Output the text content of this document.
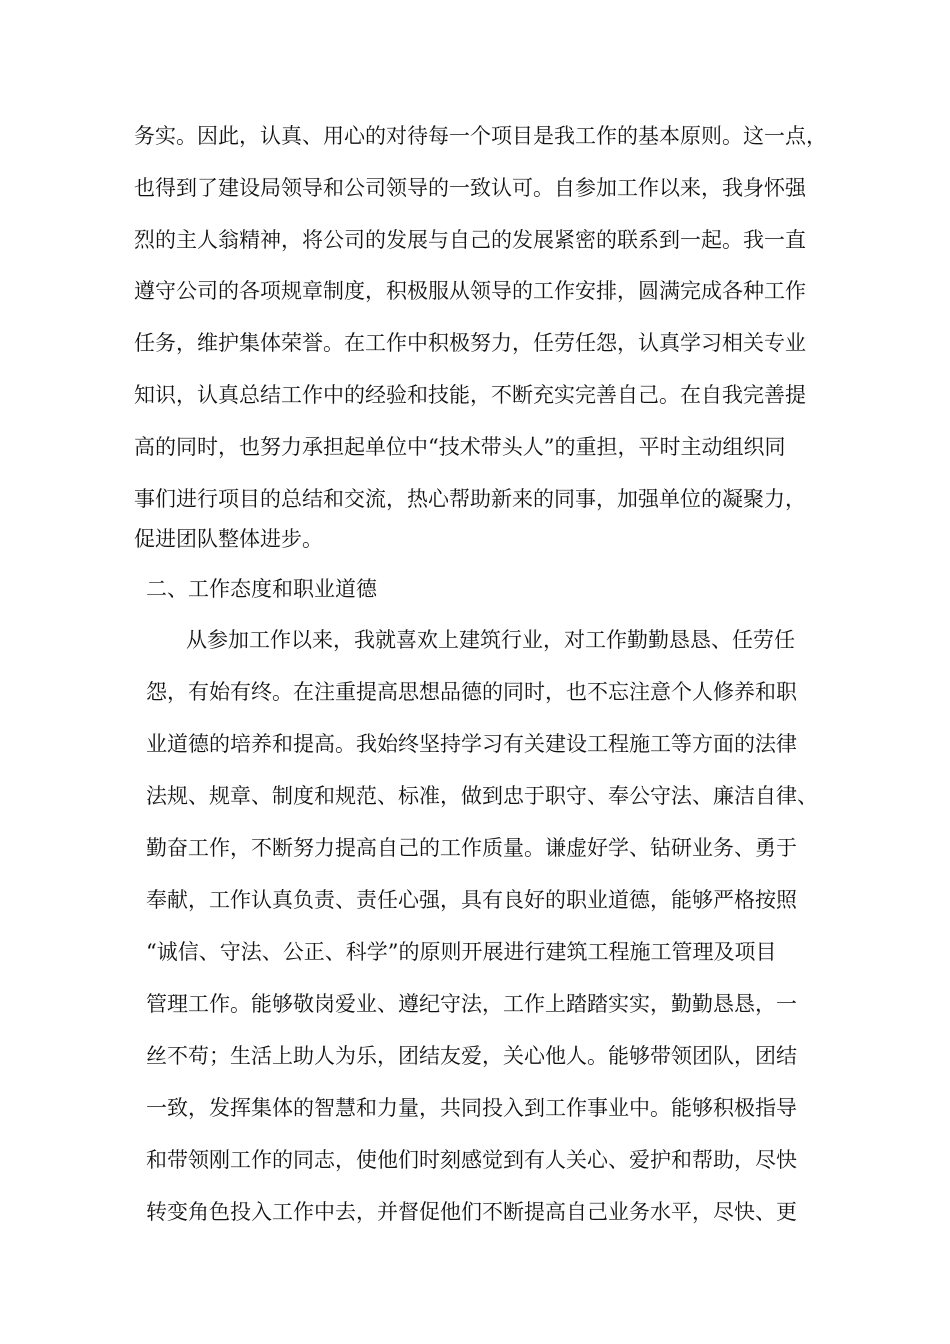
务实。因此，认真、用心的对待每一个项目是我工作的基本原则。这一点，
也得到了建设局领导和公司领导的一致认可。自参加工作以来，我身怀强
烈的主人翁精神，将公司的发展与自己的发展紧密的联系到一起。我一直
遵守公司的各项规章制度，积极服从领导的工作安排，圆满完成各种工作
任务，维护集体荣誉。在工作中积极努力，任劳任怨，认真学习相关专业
知识，认真总结工作中的经验和技能，不断充实完善自己。在自我完善提
高的同时，也努力承担起单位中“技术带头人”的重担，平时主动组织同
事们进行项目的总结和交流，热心帮助新来的同事，加强单位的凝聚力，
促进团队整体进步。
二、工作态度和职业道德
从参加工作以来，我就喜欢上建筑行业，对工作勤勤恳恳、任劳任
怨，有始有终。在注重提高思想品德的同时，也不忘注意个人修养和职
业道德的培养和提高。我始终坚持学习有关建设工程施工等方面的法律
法规、规章、制度和规范、标准，做到忠于职守、奉公守法、廉洁自律、
勤奋工作，不断努力提高自己的工作质量。谦虚好学、钻研业务、勇于
奉献，工作认真负责、责任心强，具有良好的职业道德，能够严格按照
“诚信、守法、公正、科学”的原则开展进行建筑工程施工管理及项目
管理工作。能够敬岗爱业、遵纪守法，工作上踏踏实实，勤勤恳恳，一
丝不苟；生活上助人为乐，团结友爱，关心他人。能够带领团队，团结
一致，发挥集体的智慧和力量，共同投入到工作事业中。能够积极指导
和带领刚工作的同志，使他们时刻感觉到有人关心、爱护和帮助，尽快
转变角色投入工作中去，并督促他们不断提高自己业务水平，尽快、更
